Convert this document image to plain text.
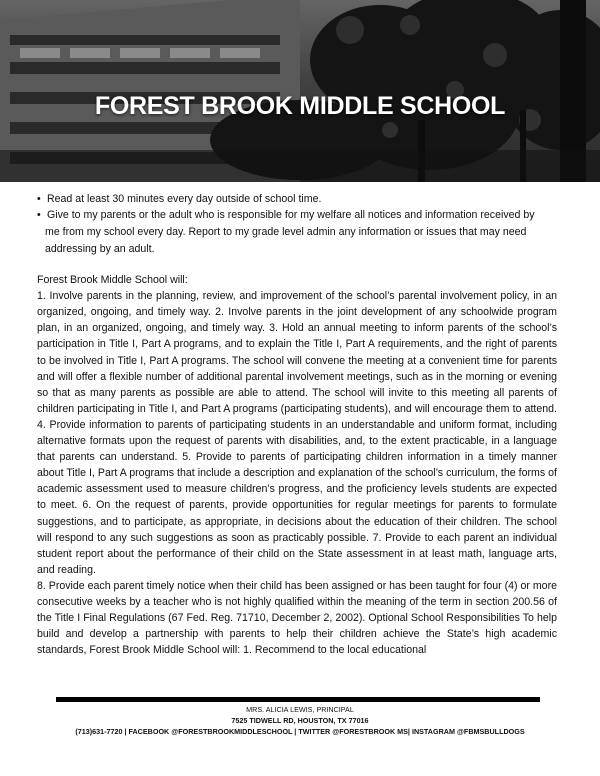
FOREST BROOK MIDDLE SCHOOL
• Read at least 30 minutes every day outside of school time.
• Give to my parents or the adult who is responsible for my welfare all notices and information received by
me from my school every day. Report to my grade level admin any information or issues that may need addressing by an adult.
Forest Brook Middle School will:
1. Involve parents in the planning, review, and improvement of the school’s parental involvement policy, in an organized, ongoing, and timely way. 2. Involve parents in the joint development of any schoolwide program plan, in an organized, ongoing, and timely way. 3. Hold an annual meeting to inform parents of the school’s participation in Title I, Part A programs, and to explain the Title I, Part A requirements, and the right of parents to be involved in Title I, Part A programs. The school will convene the meeting at a convenient time for parents and will offer a flexible number of additional parental involvement meetings, such as in the morning or evening so that as many parents as possible are able to attend. The school will invite to this meeting all parents of children participating in Title I, and Part A programs (participating students), and will encourage them to attend. 4. Provide information to parents of participating students in an understandable and uniform format, including alternative formats upon the request of parents with disabilities, and, to the extent practicable, in a language that parents can understand. 5. Provide to parents of participating children information in a timely manner about Title I, Part A programs that include a description and explanation of the school’s curriculum, the forms of academic assessment used to measure children’s progress, and the proficiency levels students are expected to meet. 6. On the request of parents, provide opportunities for regular meetings for parents to formulate suggestions, and to participate, as appropriate, in decisions about the education of their children. The school will respond to any such suggestions as soon as practicably possible. 7. Provide to each parent an individual student report about the performance of their child on the State assessment in at least math, language arts, and reading.
8. Provide each parent timely notice when their child has been assigned or has been taught for four (4) or more consecutive weeks by a teacher who is not highly qualified within the meaning of the term in section 200.56 of the Title I Final Regulations (67 Fed. Reg. 71710, December 2, 2002). Optional School Responsibilities To help build and develop a partnership with parents to help their children achieve the State’s high academic standards, Forest Brook Middle School will: 1. Recommend to the local educational
MRS. ALICIA LEWIS, PRINCIPAL
7525 TIDWELL RD, HOUSTON, TX 77016
(713)631-7720 | FACEBOOK @FORESTBROOKMIDDLESCHOOL | TWITTER @FORESTBROOK MS| INSTAGRAM @FBMSBULLDOGS
